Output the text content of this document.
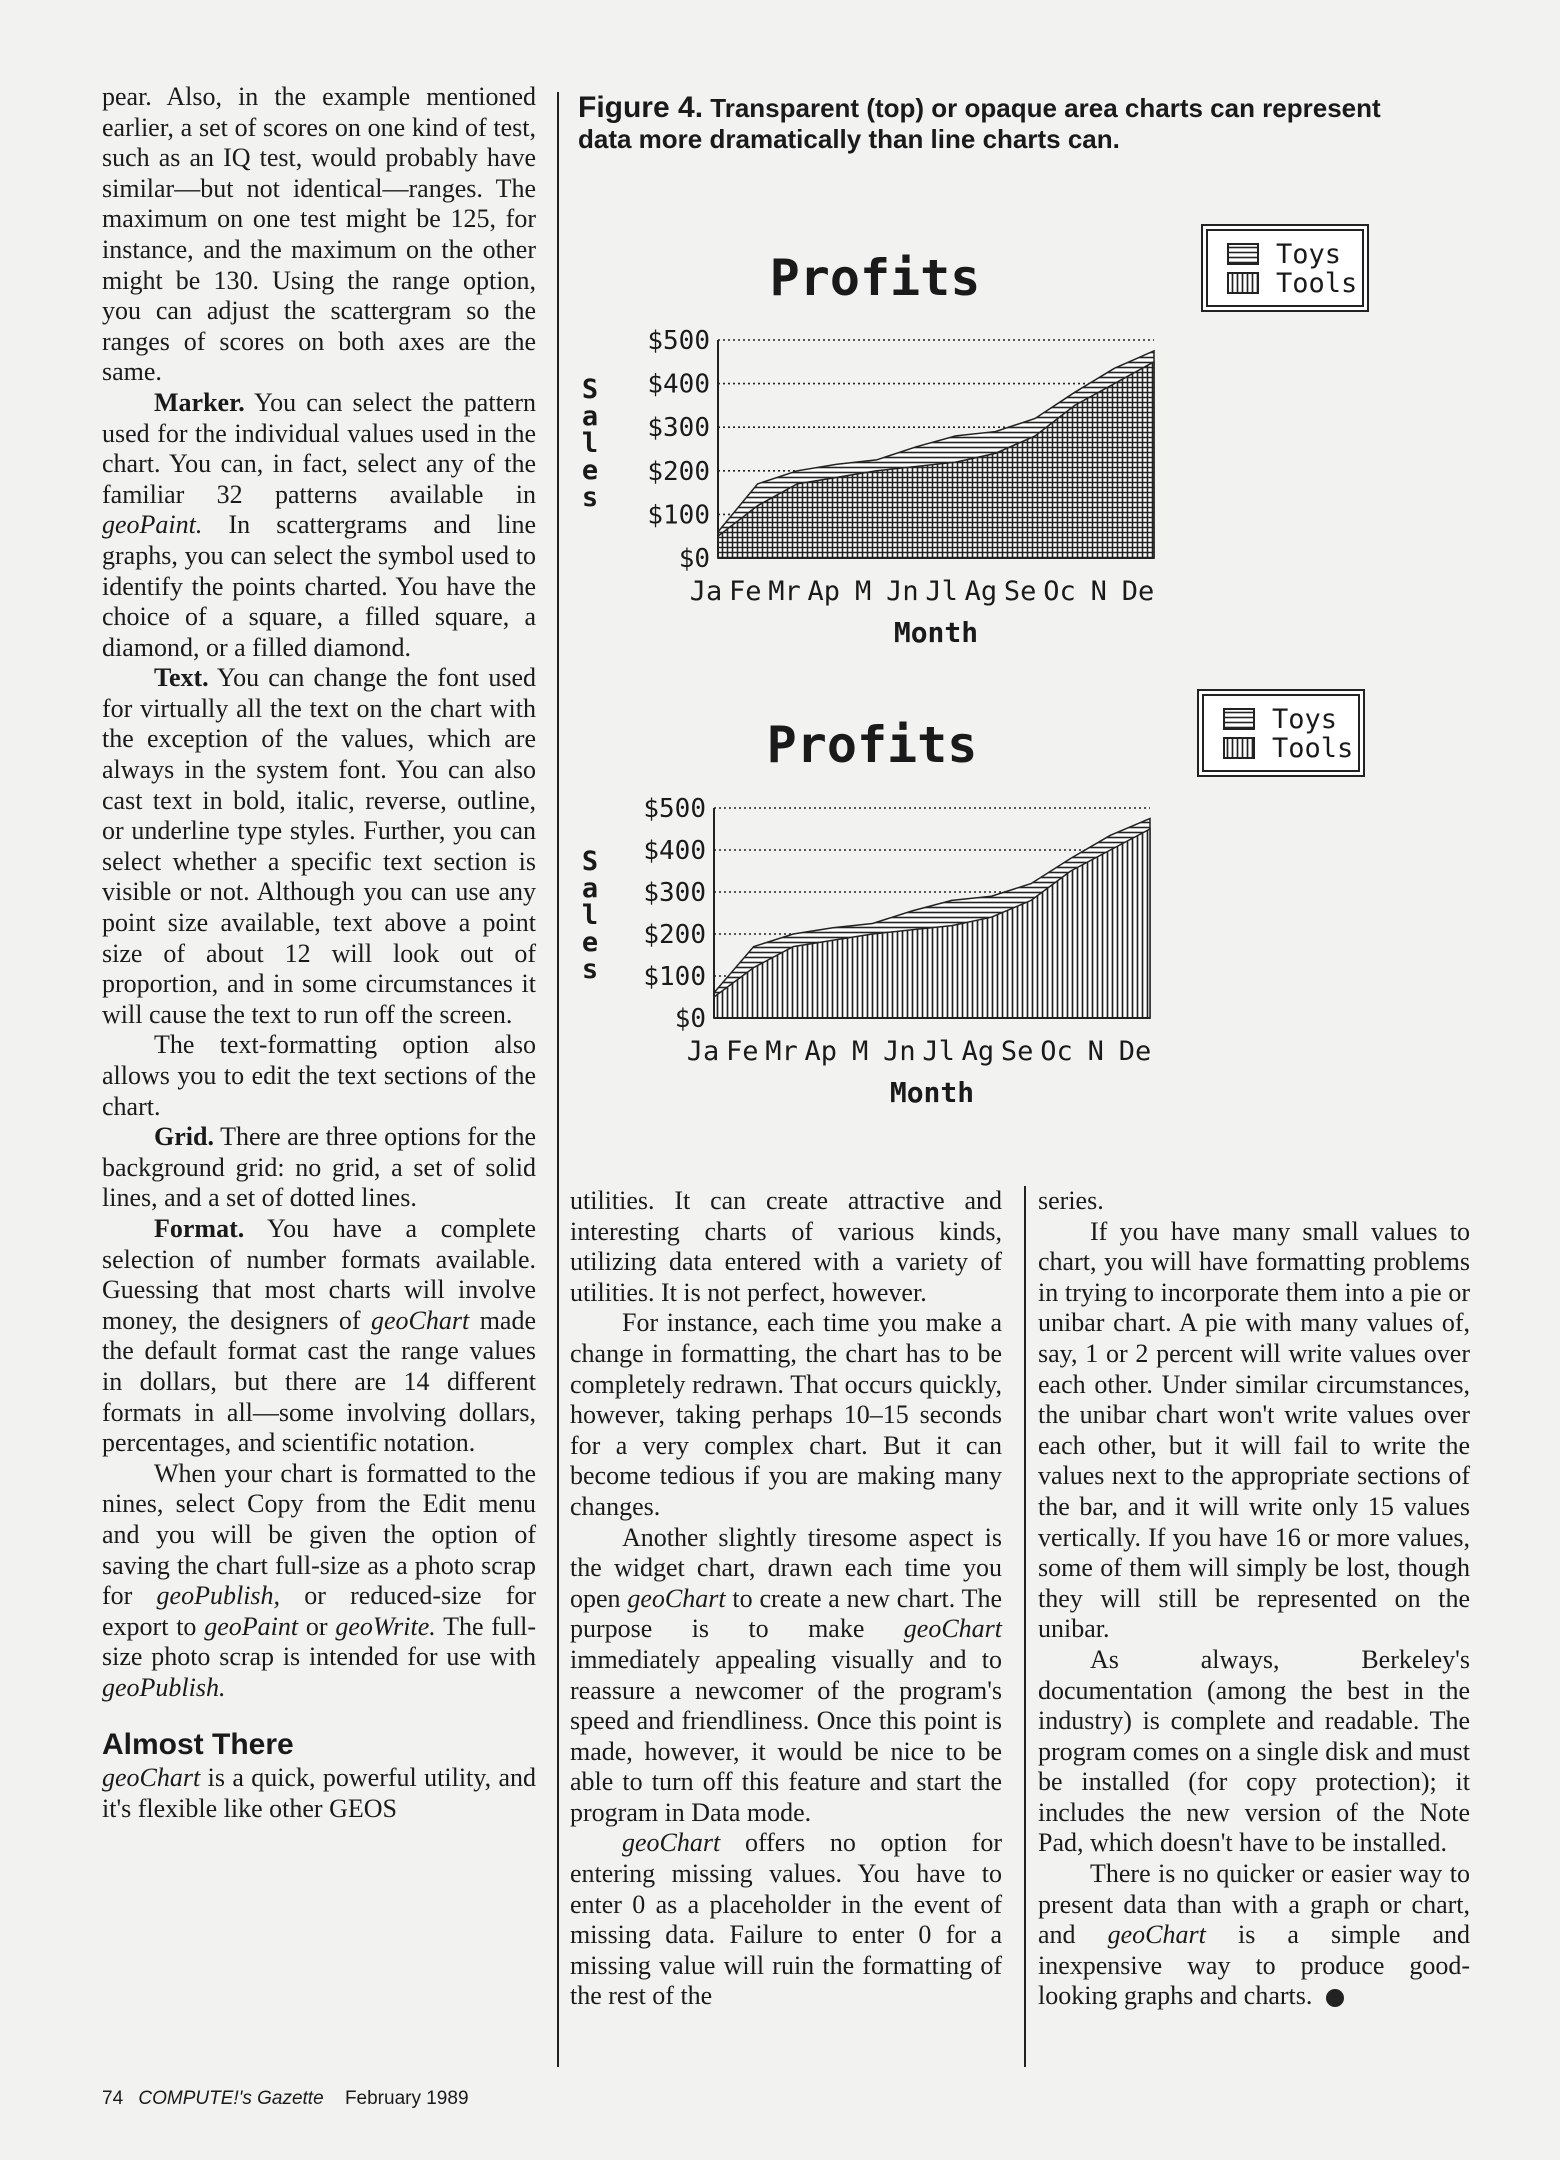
pear. Also, in the example mentioned earlier, a set of scores on one kind of test, such as an IQ test, would probably have similar—but not identical—ranges. The maximum on one test might be 125, for instance, and the maximum on the other might be 130. Using the range option, you can adjust the scattergram so the ranges of scores on both axes are the same.

Marker. You can select the pattern used for the individual values used in the chart. You can, in fact, select any of the familiar 32 patterns available in geoPaint. In scattergrams and line graphs, you can select the symbol used to identify the points charted. You have the choice of a square, a filled square, a diamond, or a filled diamond.

Text. You can change the font used for virtually all the text on the chart with the exception of the values, which are always in the system font. You can also cast text in bold, italic, reverse, outline, or underline type styles. Further, you can select whether a specific text section is visible or not. Although you can use any point size available, text above a point size of about 12 will look out of proportion, and in some circumstances it will cause the text to run off the screen.

The text-formatting option also allows you to edit the text sections of the chart.

Grid. There are three options for the background grid: no grid, a set of solid lines, and a set of dotted lines.

Format. You have a complete selection of number formats available. Guessing that most charts will involve money, the designers of geoChart made the default format cast the range values in dollars, but there are 14 different formats in all—some involving dollars, percentages, and scientific notation.

When your chart is formatted to the nines, select Copy from the Edit menu and you will be given the option of saving the chart full-size as a photo scrap for geoPublish, or reduced-size for export to geoPaint or geoWrite. The full-size photo scrap is intended for use with geoPublish.

Almost There

geoChart is a quick, powerful utility, and it's flexible like other GEOS

Figure 4. Transparent (top) or opaque area charts can represent data more dramatically than line charts can.
Profits
$500
$400
$300
$200
$100
$0
Ja Fe Mr Ap M Jn Jl Ag Se Oc N De
Month
S a l e s
Toys
Tools
Profits
$500
$400
$300
$200
$100
$0
Ja Fe Mr Ap M Jn Jl Ag Se Oc N De
Month
S a l e s
Toys
Tools

utilities. It can create attractive and interesting charts of various kinds, utilizing data entered with a variety of utilities. It is not perfect, however.

For instance, each time you make a change in formatting, the chart has to be completely redrawn. That occurs quickly, however, taking perhaps 10–15 seconds for a very complex chart. But it can become tedious if you are making many changes.

Another slightly tiresome aspect is the widget chart, drawn each time you open geoChart to create a new chart. The purpose is to make geoChart immediately appealing visually and to reassure a newcomer of the program's speed and friendliness. Once this point is made, however, it would be nice to be able to turn off this feature and start the program in Data mode.

geoChart offers no option for entering missing values. You have to enter 0 as a placeholder in the event of missing data. Failure to enter 0 for a missing value will ruin the formatting of the rest of the

series.

If you have many small values to chart, you will have formatting problems in trying to incorporate them into a pie or unibar chart. A pie with many values of, say, 1 or 2 percent will write values over each other. Under similar circumstances, the unibar chart won't write values over each other, but it will fail to write the values next to the appropriate sections of the bar, and it will write only 15 values vertically. If you have 16 or more values, some of them will simply be lost, though they will still be represented on the unibar.

As always, Berkeley's documentation (among the best in the industry) is complete and readable. The program comes on a single disk and must be installed (for copy protection); it includes the new version of the Note Pad, which doesn't have to be installed.

There is no quicker or easier way to present data than with a graph or chart, and geoChart is a simple and inexpensive way to produce good-looking graphs and charts.

74 COMPUTE!'s Gazette February 1989
